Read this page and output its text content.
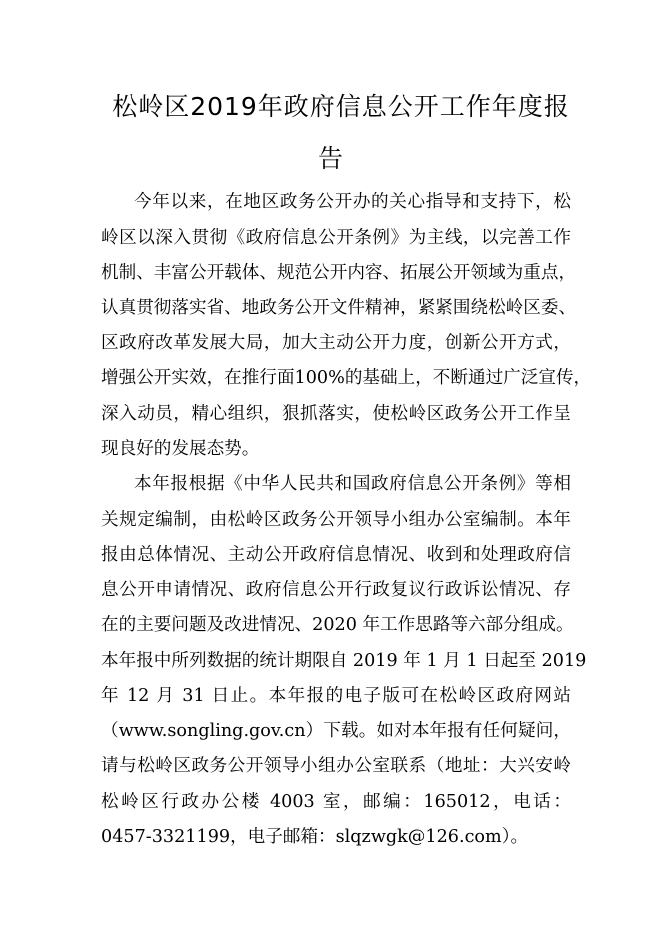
松岭区2019年政府信息公开工作年度报
告
今年以来，在地区政务公开办的关心指导和支持下，松
岭区以深入贯彻《政府信息公开条例》为主线，以完善工作
机制、丰富公开载体、规范公开内容、拓展公开领域为重点，
认真贯彻落实省、地政务公开文件精神，紧紧围绕松岭区委、
区政府改革发展大局，加大主动公开力度，创新公开方式，
增强公开实效，在推行面100%的基础上，不断通过广泛宣传，
深入动员，精心组织，狠抓落实，使松岭区政务公开工作呈
现良好的发展态势。
本年报根据《中华人民共和国政府信息公开条例》等相
关规定编制，由松岭区政务公开领导小组办公室编制。本年
报由总体情况、主动公开政府信息情况、收到和处理政府信
息公开申请情况、政府信息公开行政复议行政诉讼情况、存
在的主要问题及改进情况、2020 年工作思路等六部分组成。
本年报中所列数据的统计期限自 2019 年 1 月 1 日起至 2019
年 12 月 31 日止。本年报的电子版可在松岭区政府网站
（www.songling.gov.cn）下载。如对本年报有任何疑问，
请与松岭区政务公开领导小组办公室联系（地址：大兴安岭
松岭区行政办公楼 4003 室，邮编：165012，电话：
0457-3321199，电子邮箱：slqzwgk@126.com）。
